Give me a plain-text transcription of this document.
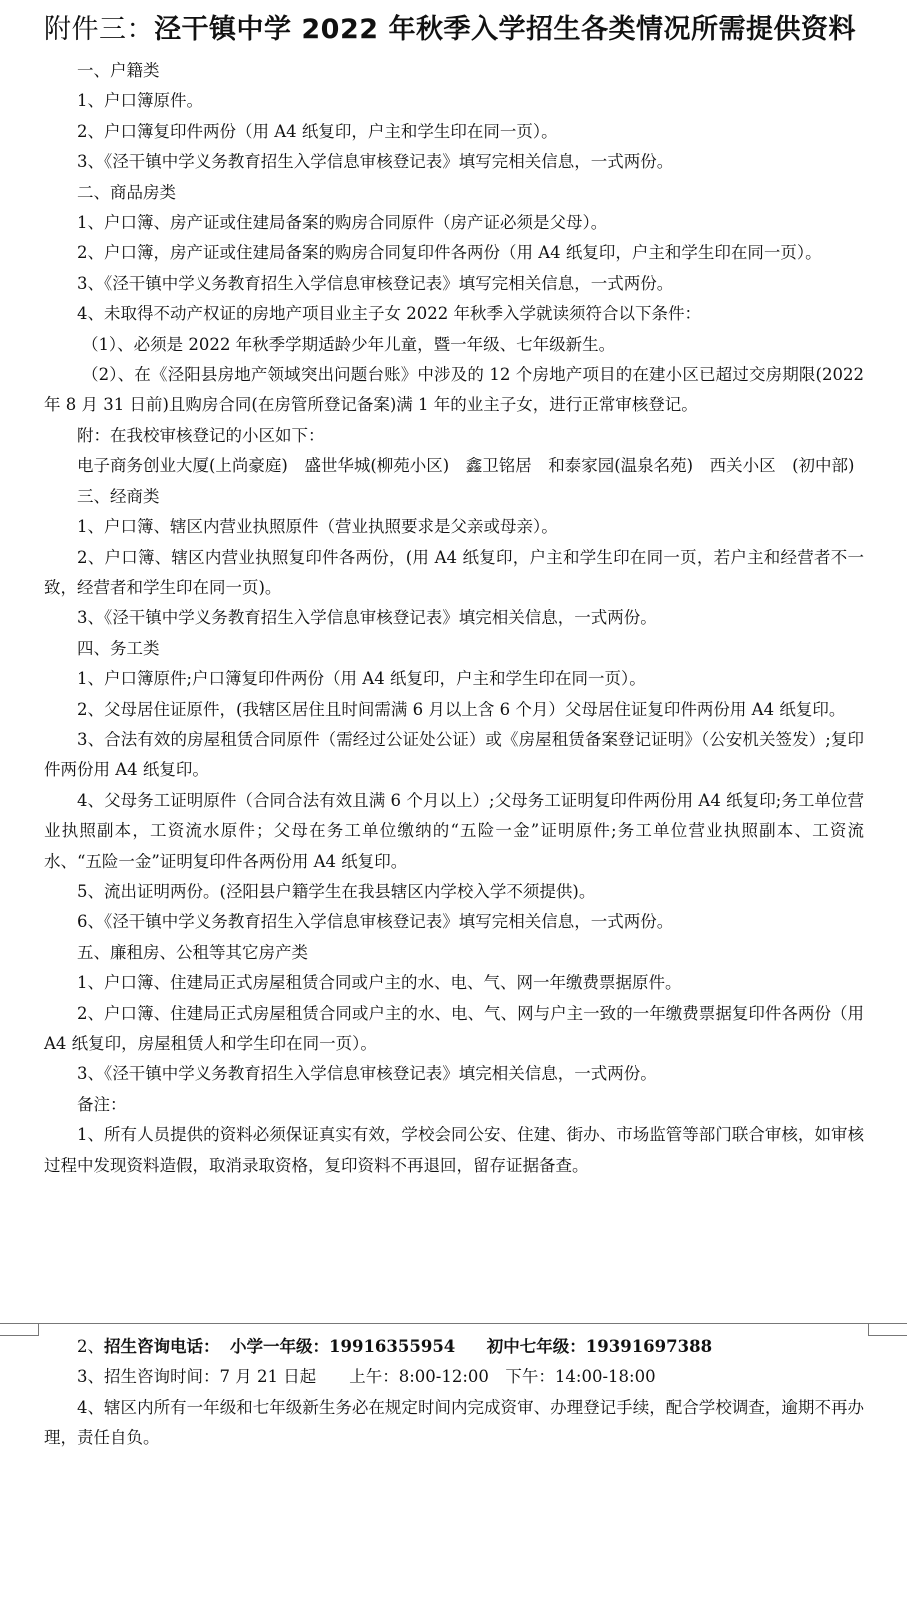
附件三：泾干镇中学 2022 年秋季入学招生各类情况所需提供资料

一、户籍类

1、户口簿原件。

2、户口簿复印件两份（用 A4 纸复印，户主和学生印在同一页）。

3、《泾干镇中学义务教育招生入学信息审核登记表》填写完相关信息，一式两份。

二、商品房类

1、户口簿、房产证或住建局备案的购房合同原件（房产证必须是父母）。

2、户口簿，房产证或住建局备案的购房合同复印件各两份（用 A4 纸复印，户主和学生印在同一页）。

3、《泾干镇中学义务教育招生入学信息审核登记表》填写完相关信息，一式两份。

4、未取得不动产权证的房地产项目业主子女 2022 年秋季入学就读须符合以下条件：

（1）、必须是 2022 年秋季学期适龄少年儿童，暨一年级、七年级新生。

（2）、在《泾阳县房地产领域突出问题台账》中涉及的 12 个房地产项目的在建小区已超过交房期限(2022 年 8 月 31 日前)且购房合同(在房管所登记备案)满 1 年的业主子女，进行正常审核登记。

附：在我校审核登记的小区如下：

电子商务创业大厦(上尚豪庭)　盛世华城(柳苑小区)　鑫卫铭居　和泰家园(温泉名苑)　西关小区　(初中部)

三、经商类

1、户口簿、辖区内营业执照原件（营业执照要求是父亲或母亲）。

2、户口簿、辖区内营业执照复印件各两份，(用 A4 纸复印，户主和学生印在同一页，若户主和经营者不一致，经营者和学生印在同一页)。

3、《泾干镇中学义务教育招生入学信息审核登记表》填完相关信息，一式两份。

四、务工类

1、户口簿原件;户口簿复印件两份（用 A4 纸复印，户主和学生印在同一页）。

2、父母居住证原件，(我辖区居住且时间需满 6 月以上含 6 个月）父母居住证复印件两份用 A4 纸复印。

3、合法有效的房屋租赁合同原件（需经过公证处公证）或《房屋租赁备案登记证明》（公安机关签发）;复印件两份用 A4 纸复印。

4、父母务工证明原件（合同合法有效且满 6 个月以上）;父母务工证明复印件两份用 A4 纸复印;务工单位营业执照副本，工资流水原件；父母在务工单位缴纳的“五险一金”证明原件;务工单位营业执照副本、工资流水、“五险一金”证明复印件各两份用 A4 纸复印。

5、流出证明两份。(泾阳县户籍学生在我县辖区内学校入学不须提供)。

6、《泾干镇中学义务教育招生入学信息审核登记表》填写完相关信息，一式两份。

五、廉租房、公租等其它房产类

1、户口簿、住建局正式房屋租赁合同或户主的水、电、气、网一年缴费票据原件。

2、户口簿、住建局正式房屋租赁合同或户主的水、电、气、网与户主一致的一年缴费票据复印件各两份（用 A4 纸复印，房屋租赁人和学生印在同一页）。

3、《泾干镇中学义务教育招生入学信息审核登记表》填完相关信息，一式两份。

备注：

1、所有人员提供的资料必须保证真实有效，学校会同公安、住建、街办、市场监管等部门联合审核，如审核过程中发现资料造假，取消录取资格，复印资料不再退回，留存证据备查。

2、招生咨询电话： 小学一年级：19916355954 初中七年级：19391697388

3、招生咨询时间：7 月 21 日起　　上午：8:00-12:00　下午：14:00-18:00

4、辖区内所有一年级和七年级新生务必在规定时间内完成资审、办理登记手续，配合学校调查，逾期不再办理，责任自负。
